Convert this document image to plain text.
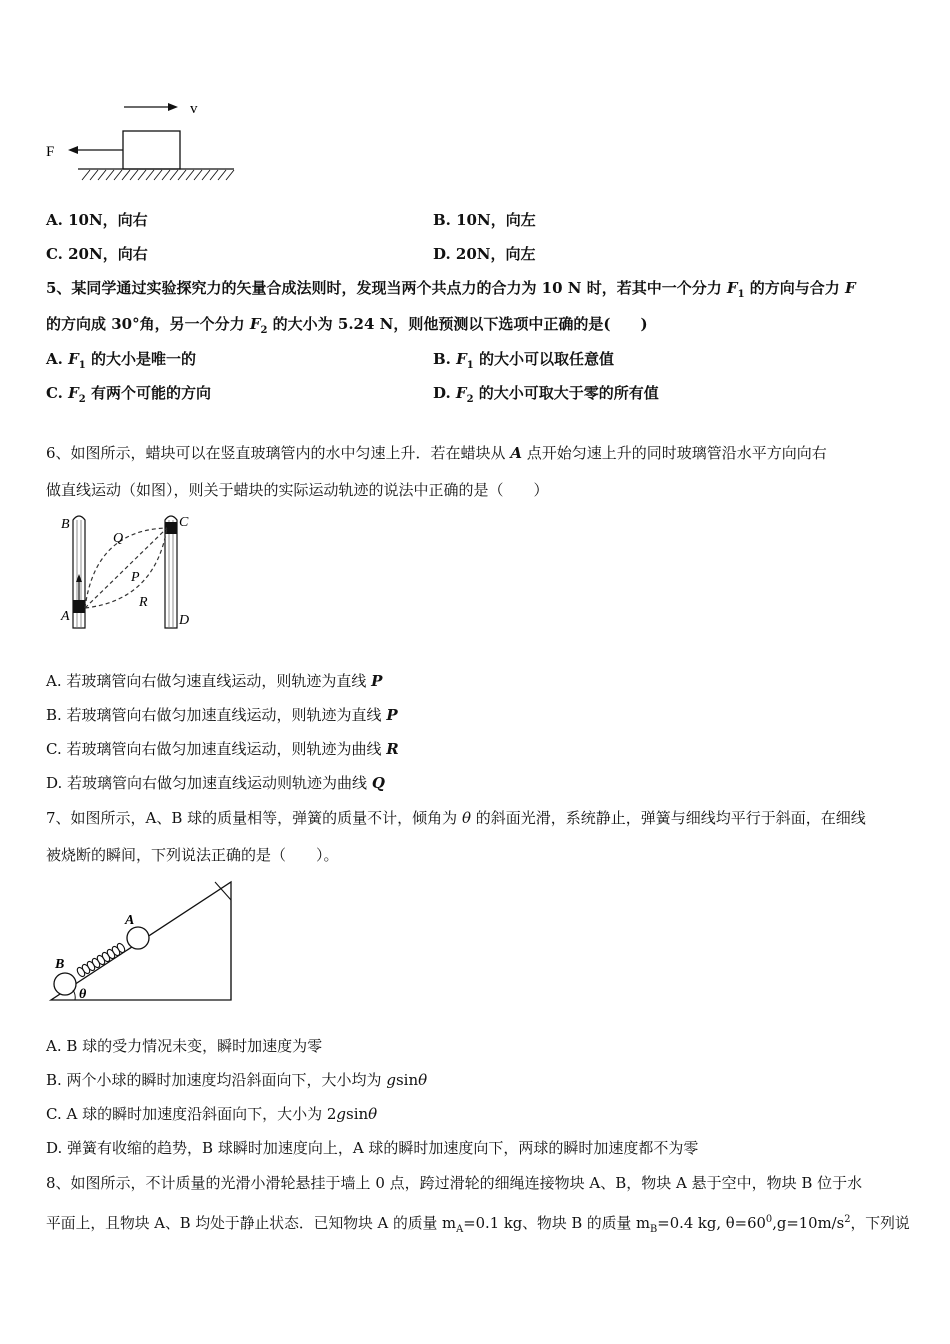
v
F
A. 10N，向右	B. 10N，向左
C. 20N，向右	D. 20N，向左
5、某同学通过实验探究力的矢量合成法则时，发现当两个共点力的合力为 10 N 时，若其中一个分力 $F_1$ 的方向与合力 F
的方向成 30°角，另一个分力 $F_2$ 的大小为 5.24 N，则他预测以下选项中正确的是(　　)
A. $F_1$ 的大小是唯一的	B. $F_1$ 的大小可以取任意值
C. $F_2$ 有两个可能的方向	D. $F_2$ 的大小可取大于零的所有值
6、如图所示，蜡块可以在竖直玻璃管内的水中匀速上升．若在蜡块从 A 点开始匀速上升的同时玻璃管沿水平方向向右
做直线运动（如图），则关于蜡块的实际运动轨迹的说法中正确的是（　　）
B	C
Q
P
R
A	D
A. 若玻璃管向右做匀速直线运动，则轨迹为直线 P
B. 若玻璃管向右做匀加速直线运动，则轨迹为直线 P
C. 若玻璃管向右做匀加速直线运动，则轨迹为曲线 R
D. 若玻璃管向右做匀加速直线运动则轨迹为曲线 Q
7、如图所示，A、B 球的质量相等，弹簧的质量不计，倾角为 θ 的斜面光滑，系统静止，弹簧与细线均平行于斜面，在细线
被烧断的瞬间，下列说法正确的是（　　）。
A
B
θ
A. B 球的受力情况未变，瞬时加速度为零
B. 两个小球的瞬时加速度均沿斜面向下，大小均为 gsinθ
C. A 球的瞬时加速度沿斜面向下，大小为 2gsinθ
D. 弹簧有收缩的趋势，B 球瞬时加速度向上，A 球的瞬时加速度向下，两球的瞬时加速度都不为零
8、如图所示，不计质量的光滑小滑轮悬挂于墙上 0 点，跨过滑轮的细绳连接物块 A、B，物块 A 悬于空中，物块 B 位于水
平面上，且物块 A、B 均处于静止状态．已知物块 A 的质量 $m_A=0.1$ kg、物块 B 的质量 $m_B=0.4$ kg, $\theta=60^0,g=10m/s^2$，下列说
